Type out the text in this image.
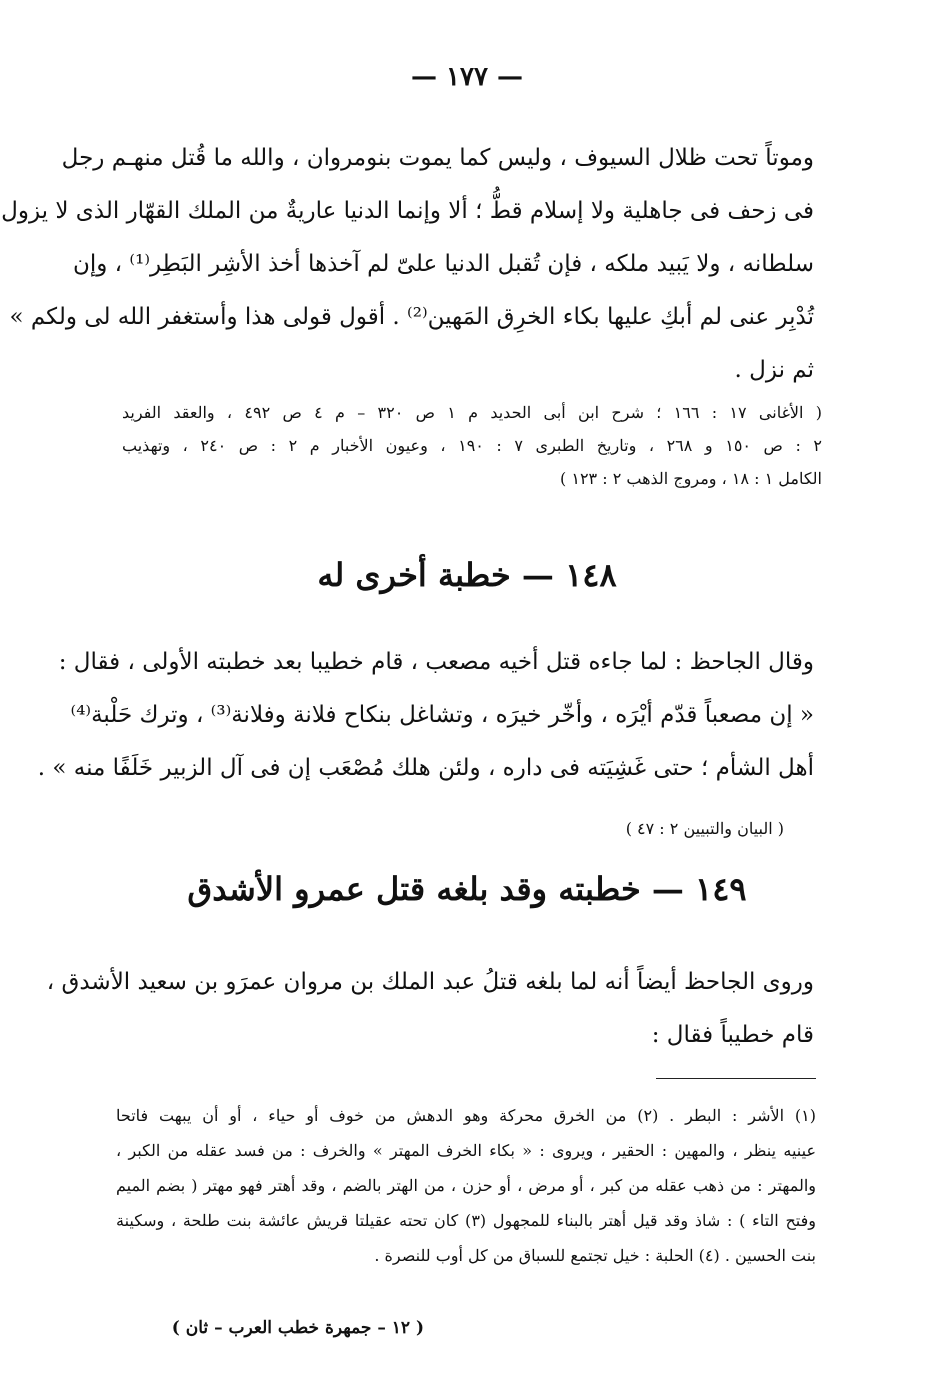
— ١٧٧ —
وموتاً تحت ظلال السيوف ، وليس كما يموت بنومروان ، والله ما قُتل منهـم رجل
فى زحف فى جاهلية ولا إسلام قطُّ ؛ ألا وإنما الدنيا عاريةٌ من الملك القهّار الذى لا يزول
سلطانه ، ولا يَبيد ملكه ، فإن تُقبل الدنيا علىّ لم آخذها أخذ الأشِر البَطِر⁽¹⁾ ، وإن
تُدْبِر عنى لم أبكِ عليها بكاء الخرِق المَهين⁽²⁾ . أقول قولى هذا وأستغفر الله لى ولكم »
ثم نزل .
( الأغانى ١٧ : ١٦٦ ؛ شرح ابن أبى الحديد م ١ ص ٣٢٠ – م ٤ ص ٤٩٢ ، والعقد الفريد
٢ : ص ١٥٠ و ٢٦٨ ، وتاريخ الطبرى ٧ : ١٩٠ ، وعيون الأخبار م ٢ : ص ٢٤٠ ، وتهذيب
الكامل ١ : ١٨ ، ومروج الذهب ٢ : ١٢٣ )
١٤٨ — خطبة أخرى له
وقال الجاحظ : لما جاءه قتل أخيه مصعب ، قام خطيبا بعد خطبته الأولى ، فقال :
« إن مصعباً قدّم أيْرَه ، وأخّر خيرَه ، وتشاغل بنكاح فلانة وفلانة⁽³⁾ ، وترك حَلْبة⁽⁴⁾
أهل الشأم ؛ حتى غَشِيَته فى داره ، ولئن هلك مُصْعَب إن فى آل الزبير خَلَفًا منه » .
( البيان والتبيين ٢ : ٤٧ )
١٤٩ — خطبته وقد بلغه قتل عمرو الأشدق
وروى الجاحظ أيضاً أنه لما بلغه قتلُ عبد الملك بن مروان عمرَو بن سعيد الأشدق ،
قام خطيباً فقال :
(١) الأشر : البطر . (٢) من الخرق محركة وهو الدهش من خوف أو حياء ، أو أن يبهت فاتحا
عينيه ينظر ، والمهين : الحقير ، ويروى : « بكاء الخرف المهتر » والخرف : من فسد عقله من الكبر ،
والمهتر : من ذهب عقله من كبر ، أو مرض ، أو حزن ، من الهتر بالضم ، وقد أهتر فهو مهتر ( بضم الميم
وفتح التاء ) : شاذ وقد قيل أهتر بالبناء للمجهول (٣) كان تحته عقيلتا قريش عائشة بنت طلحة ، وسكينة
بنت الحسين . (٤) الحلبة : خيل تجتمع للسباق من كل أوب للنصرة .
( ١٢ – جمهرة خطب العرب – ثان )
